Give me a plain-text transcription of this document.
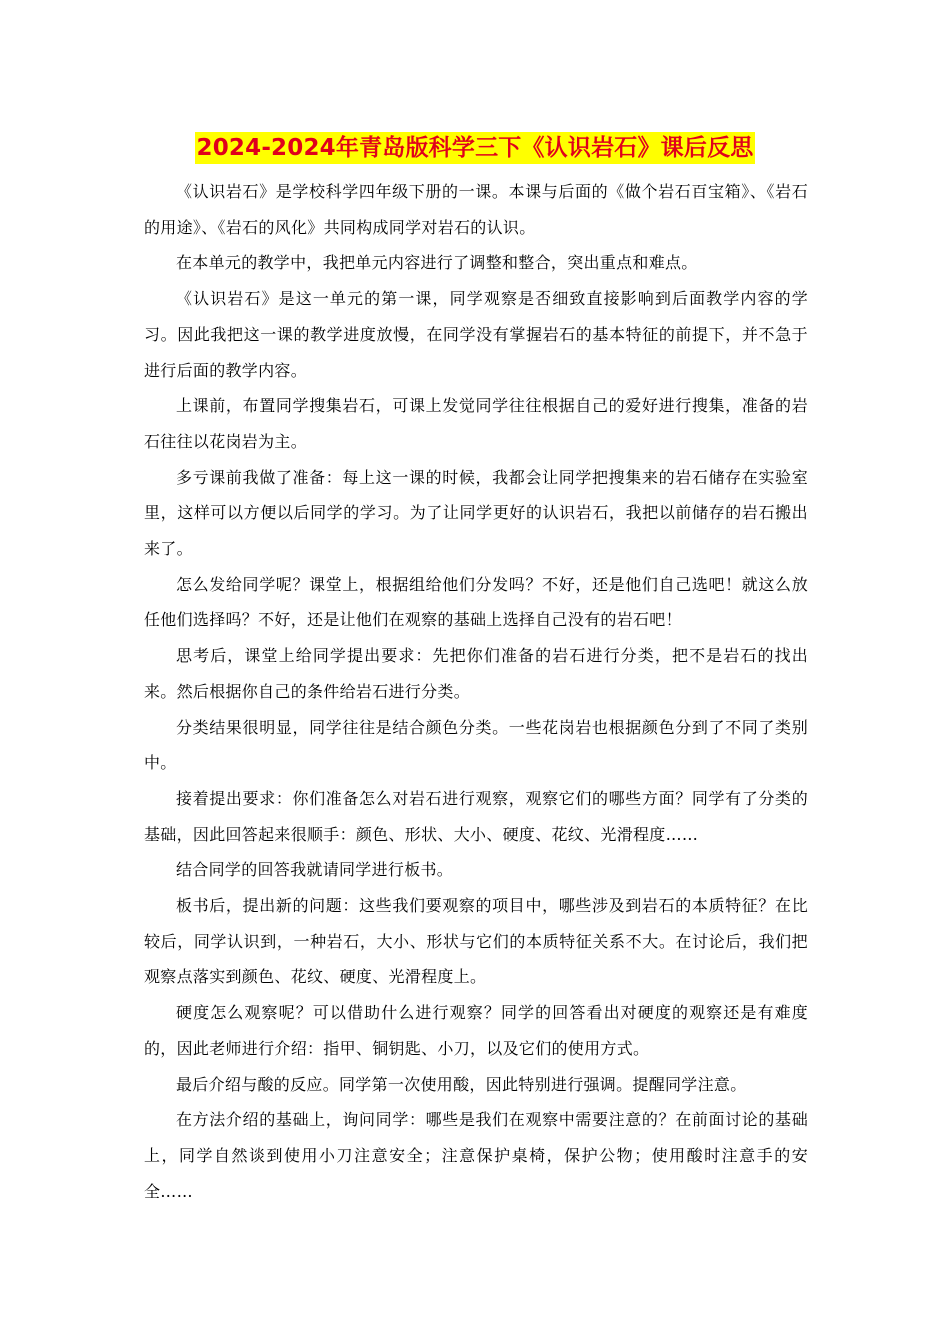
2024-2024年青岛版科学三下《认识岩石》课后反思

《认识岩石》是学校科学四年级下册的一课。本课与后面的《做个岩石百宝箱》、《岩石的用途》、《岩石的风化》共同构成同学对岩石的认识。

在本单元的教学中，我把单元内容进行了调整和整合，突出重点和难点。

《认识岩石》是这一单元的第一课，同学观察是否细致直接影响到后面教学内容的学习。因此我把这一课的教学进度放慢，在同学没有掌握岩石的基本特征的前提下，并不急于进行后面的教学内容。

上课前，布置同学搜集岩石，可课上发觉同学往往根据自己的爱好进行搜集，准备的岩石往往以花岗岩为主。

多亏课前我做了准备：每上这一课的时候，我都会让同学把搜集来的岩石储存在实验室里，这样可以方便以后同学的学习。为了让同学更好的认识岩石，我把以前储存的岩石搬出来了。

怎么发给同学呢？课堂上，根据组给他们分发吗？不好，还是他们自己选吧！就这么放任他们选择吗？不好，还是让他们在观察的基础上选择自己没有的岩石吧！

思考后，课堂上给同学提出要求：先把你们准备的岩石进行分类，把不是岩石的找出来。然后根据你自己的条件给岩石进行分类。

分类结果很明显，同学往往是结合颜色分类。一些花岗岩也根据颜色分到了不同了类别中。

接着提出要求：你们准备怎么对岩石进行观察，观察它们的哪些方面？同学有了分类的基础，因此回答起来很顺手：颜色、形状、大小、硬度、花纹、光滑程度……

结合同学的回答我就请同学进行板书。

板书后，提出新的问题：这些我们要观察的项目中，哪些涉及到岩石的本质特征？在比较后，同学认识到，一种岩石，大小、形状与它们的本质特征关系不大。在讨论后，我们把观察点落实到颜色、花纹、硬度、光滑程度上。

硬度怎么观察呢？可以借助什么进行观察？同学的回答看出对硬度的观察还是有难度的，因此老师进行介绍：指甲、铜钥匙、小刀，以及它们的使用方式。

最后介绍与酸的反应。同学第一次使用酸，因此特别进行强调。提醒同学注意。

在方法介绍的基础上，询问同学：哪些是我们在观察中需要注意的？在前面讨论的基础上，同学自然谈到使用小刀注意安全；注意保护桌椅，保护公物；使用酸时注意手的安全……
